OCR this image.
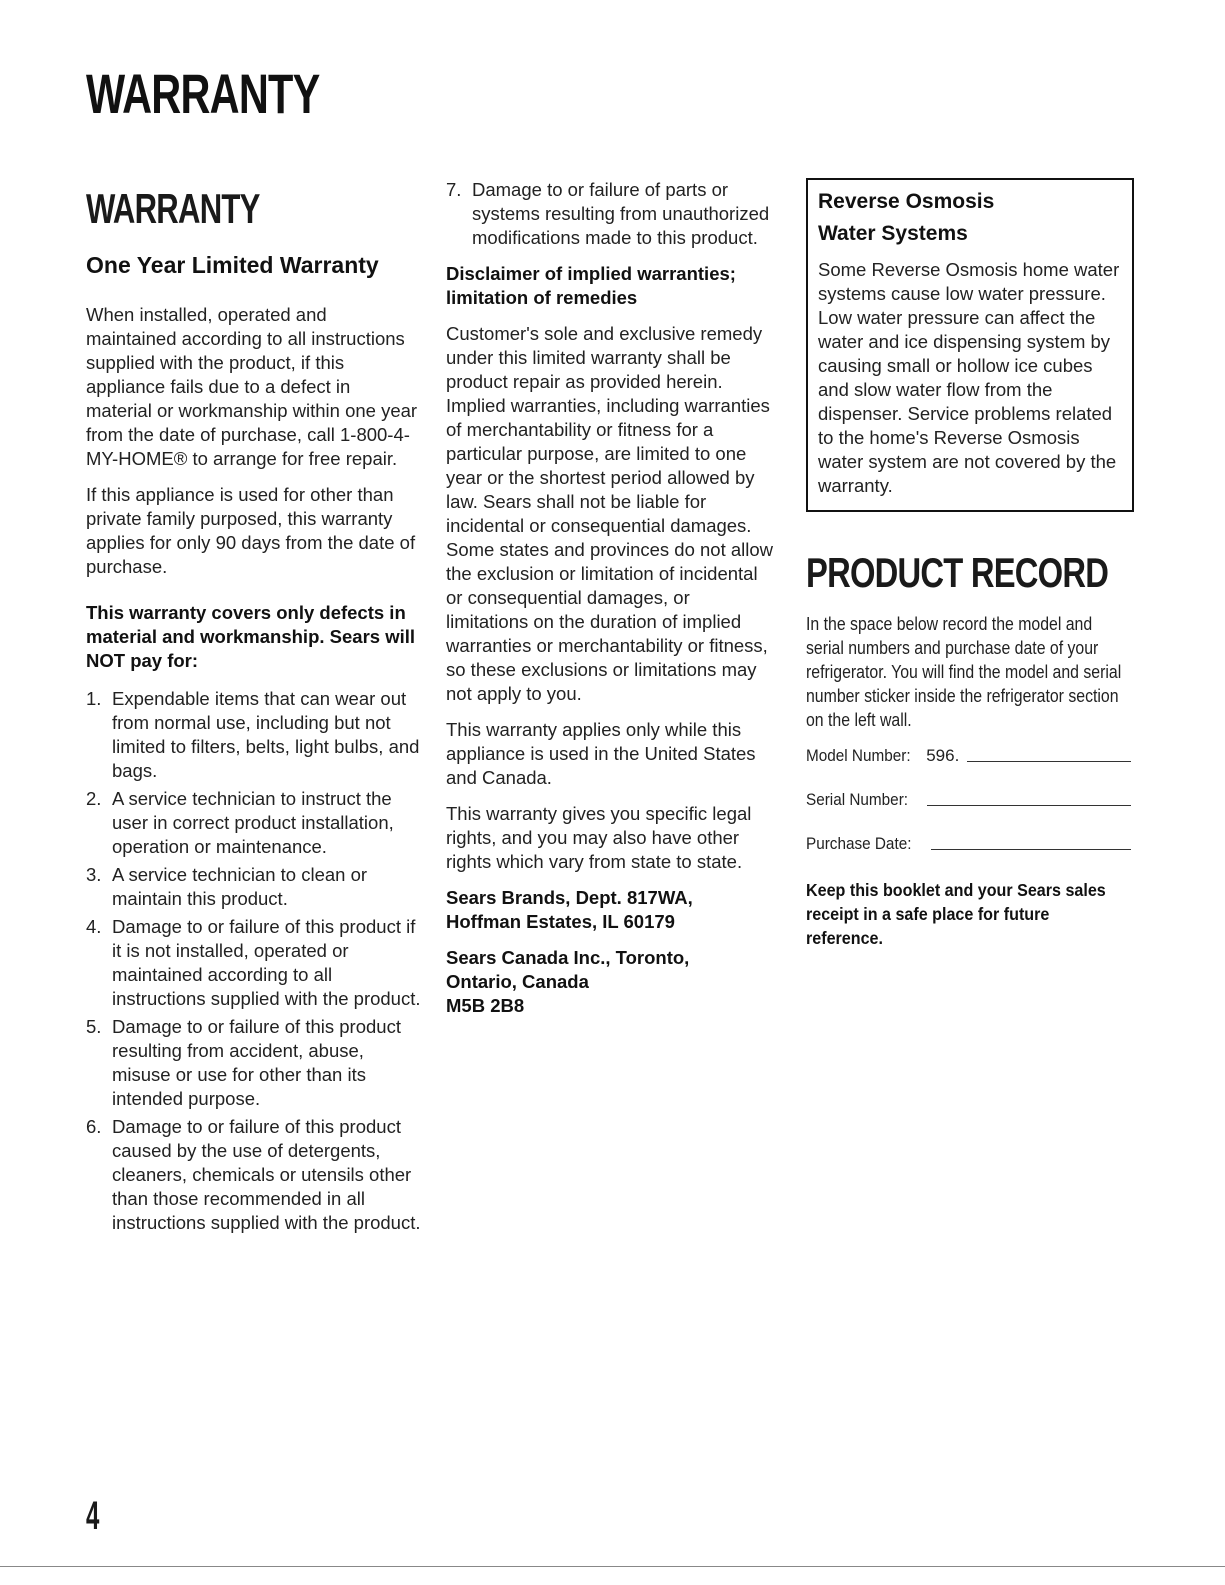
WARRANTY
WARRANTY
One Year Limited Warranty

When installed, operated and maintained according to all instructions supplied with the product, if this appliance fails due to a defect in material or workmanship within one year from the date of purchase, call 1-800-4-MY-HOME® to arrange for free repair.

If this appliance is used for other than private family purposed, this warranty applies for only 90 days from the date of purchase.

This warranty covers only defects in material and workmanship. Sears will NOT pay for:
1. Expendable items that can wear out from normal use, including but not limited to filters, belts, light bulbs, and bags.
2. A service technician to instruct the user in correct product installation, operation or maintenance.
3. A service technician to clean or maintain this product.
4. Damage to or failure of this product if it is not installed, operated or maintained according to all instructions supplied with the product.
5. Damage to or failure of this product resulting from accident, abuse, misuse or use for other than its intended purpose.
6. Damage to or failure of this product caused by the use of detergents, cleaners, chemicals or utensils other than those recommended in all instructions supplied with the product.
7. Damage to or failure of parts or systems resulting from unauthorized modifications made to this product.
Disclaimer of implied warranties; limitation of remedies

Customer's sole and exclusive remedy under this limited warranty shall be product repair as provided herein. Implied warranties, including warranties of merchantability or fitness for a particular purpose, are limited to one year or the shortest period allowed by law. Sears shall not be liable for incidental or consequential damages. Some states and provinces do not allow the exclusion or limitation of incidental or consequential damages, or limitations on the duration of implied warranties or merchantability or fitness, so these exclusions or limitations may not apply to you.

This warranty applies only while this appliance is used in the United States and Canada.

This warranty gives you specific legal rights, and you may also have other rights which vary from state to state.

Sears Brands, Dept. 817WA,
Hoffman Estates, IL 60179
Sears Canada Inc., Toronto,
Ontario, Canada
M5B 2B8
Reverse Osmosis
Water Systems

Some Reverse Osmosis home water systems cause low water pressure. Low water pressure can affect the water and ice dispensing system by causing small or hollow ice cubes and slow water flow from the dispenser. Service problems related to the home's Reverse Osmosis water system are not covered by the warranty.

PRODUCT RECORD
In the space below record the model and serial numbers and purchase date of your refrigerator. You will find the model and serial number sticker inside the refrigerator section on the left wall.
Model Number: 596.
Serial Number:
Purchase Date:
Keep this booklet and your Sears sales receipt in a safe place for future reference.
4
